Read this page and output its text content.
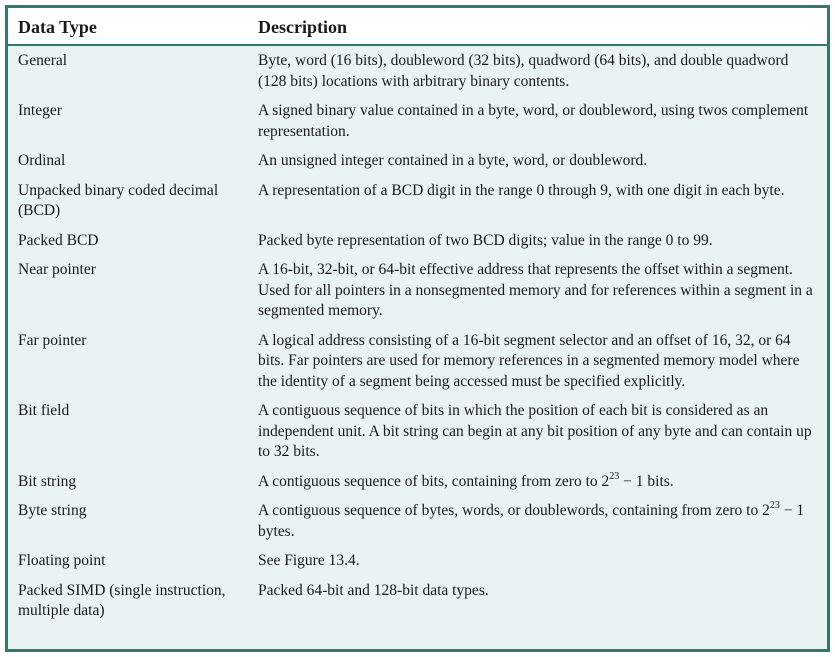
Data Type	Description
General	Byte, word (16 bits), doubleword (32 bits), quadword (64 bits), and double quadword (128 bits) locations with arbitrary binary contents.
Integer	A signed binary value contained in a byte, word, or doubleword, using twos complement representation.
Ordinal	An unsigned integer contained in a byte, word, or doubleword.
Unpacked binary coded decimal (BCD)	A representation of a BCD digit in the range 0 through 9, with one digit in each byte.
Packed BCD	Packed byte representation of two BCD digits; value in the range 0 to 99.
Near pointer	A 16-bit, 32-bit, or 64-bit effective address that represents the offset within a segment. Used for all pointers in a nonsegmented memory and for references within a segment in a segmented memory.
Far pointer	A logical address consisting of a 16-bit segment selector and an offset of 16, 32, or 64 bits. Far pointers are used for memory references in a segmented memory model where the identity of a segment being accessed must be specified explicitly.
Bit field	A contiguous sequence of bits in which the position of each bit is considered as an independent unit. A bit string can begin at any bit position of any byte and can contain up to 32 bits.
Bit string	A contiguous sequence of bits, containing from zero to $2^{23} - 1$ bits.
Byte string	A contiguous sequence of bytes, words, or doublewords, containing from zero to $2^{23} - 1$ bytes.
Floating point	See Figure 13.4.
Packed SIMD (single instruction, multiple data)	Packed 64-bit and 128-bit data types.
